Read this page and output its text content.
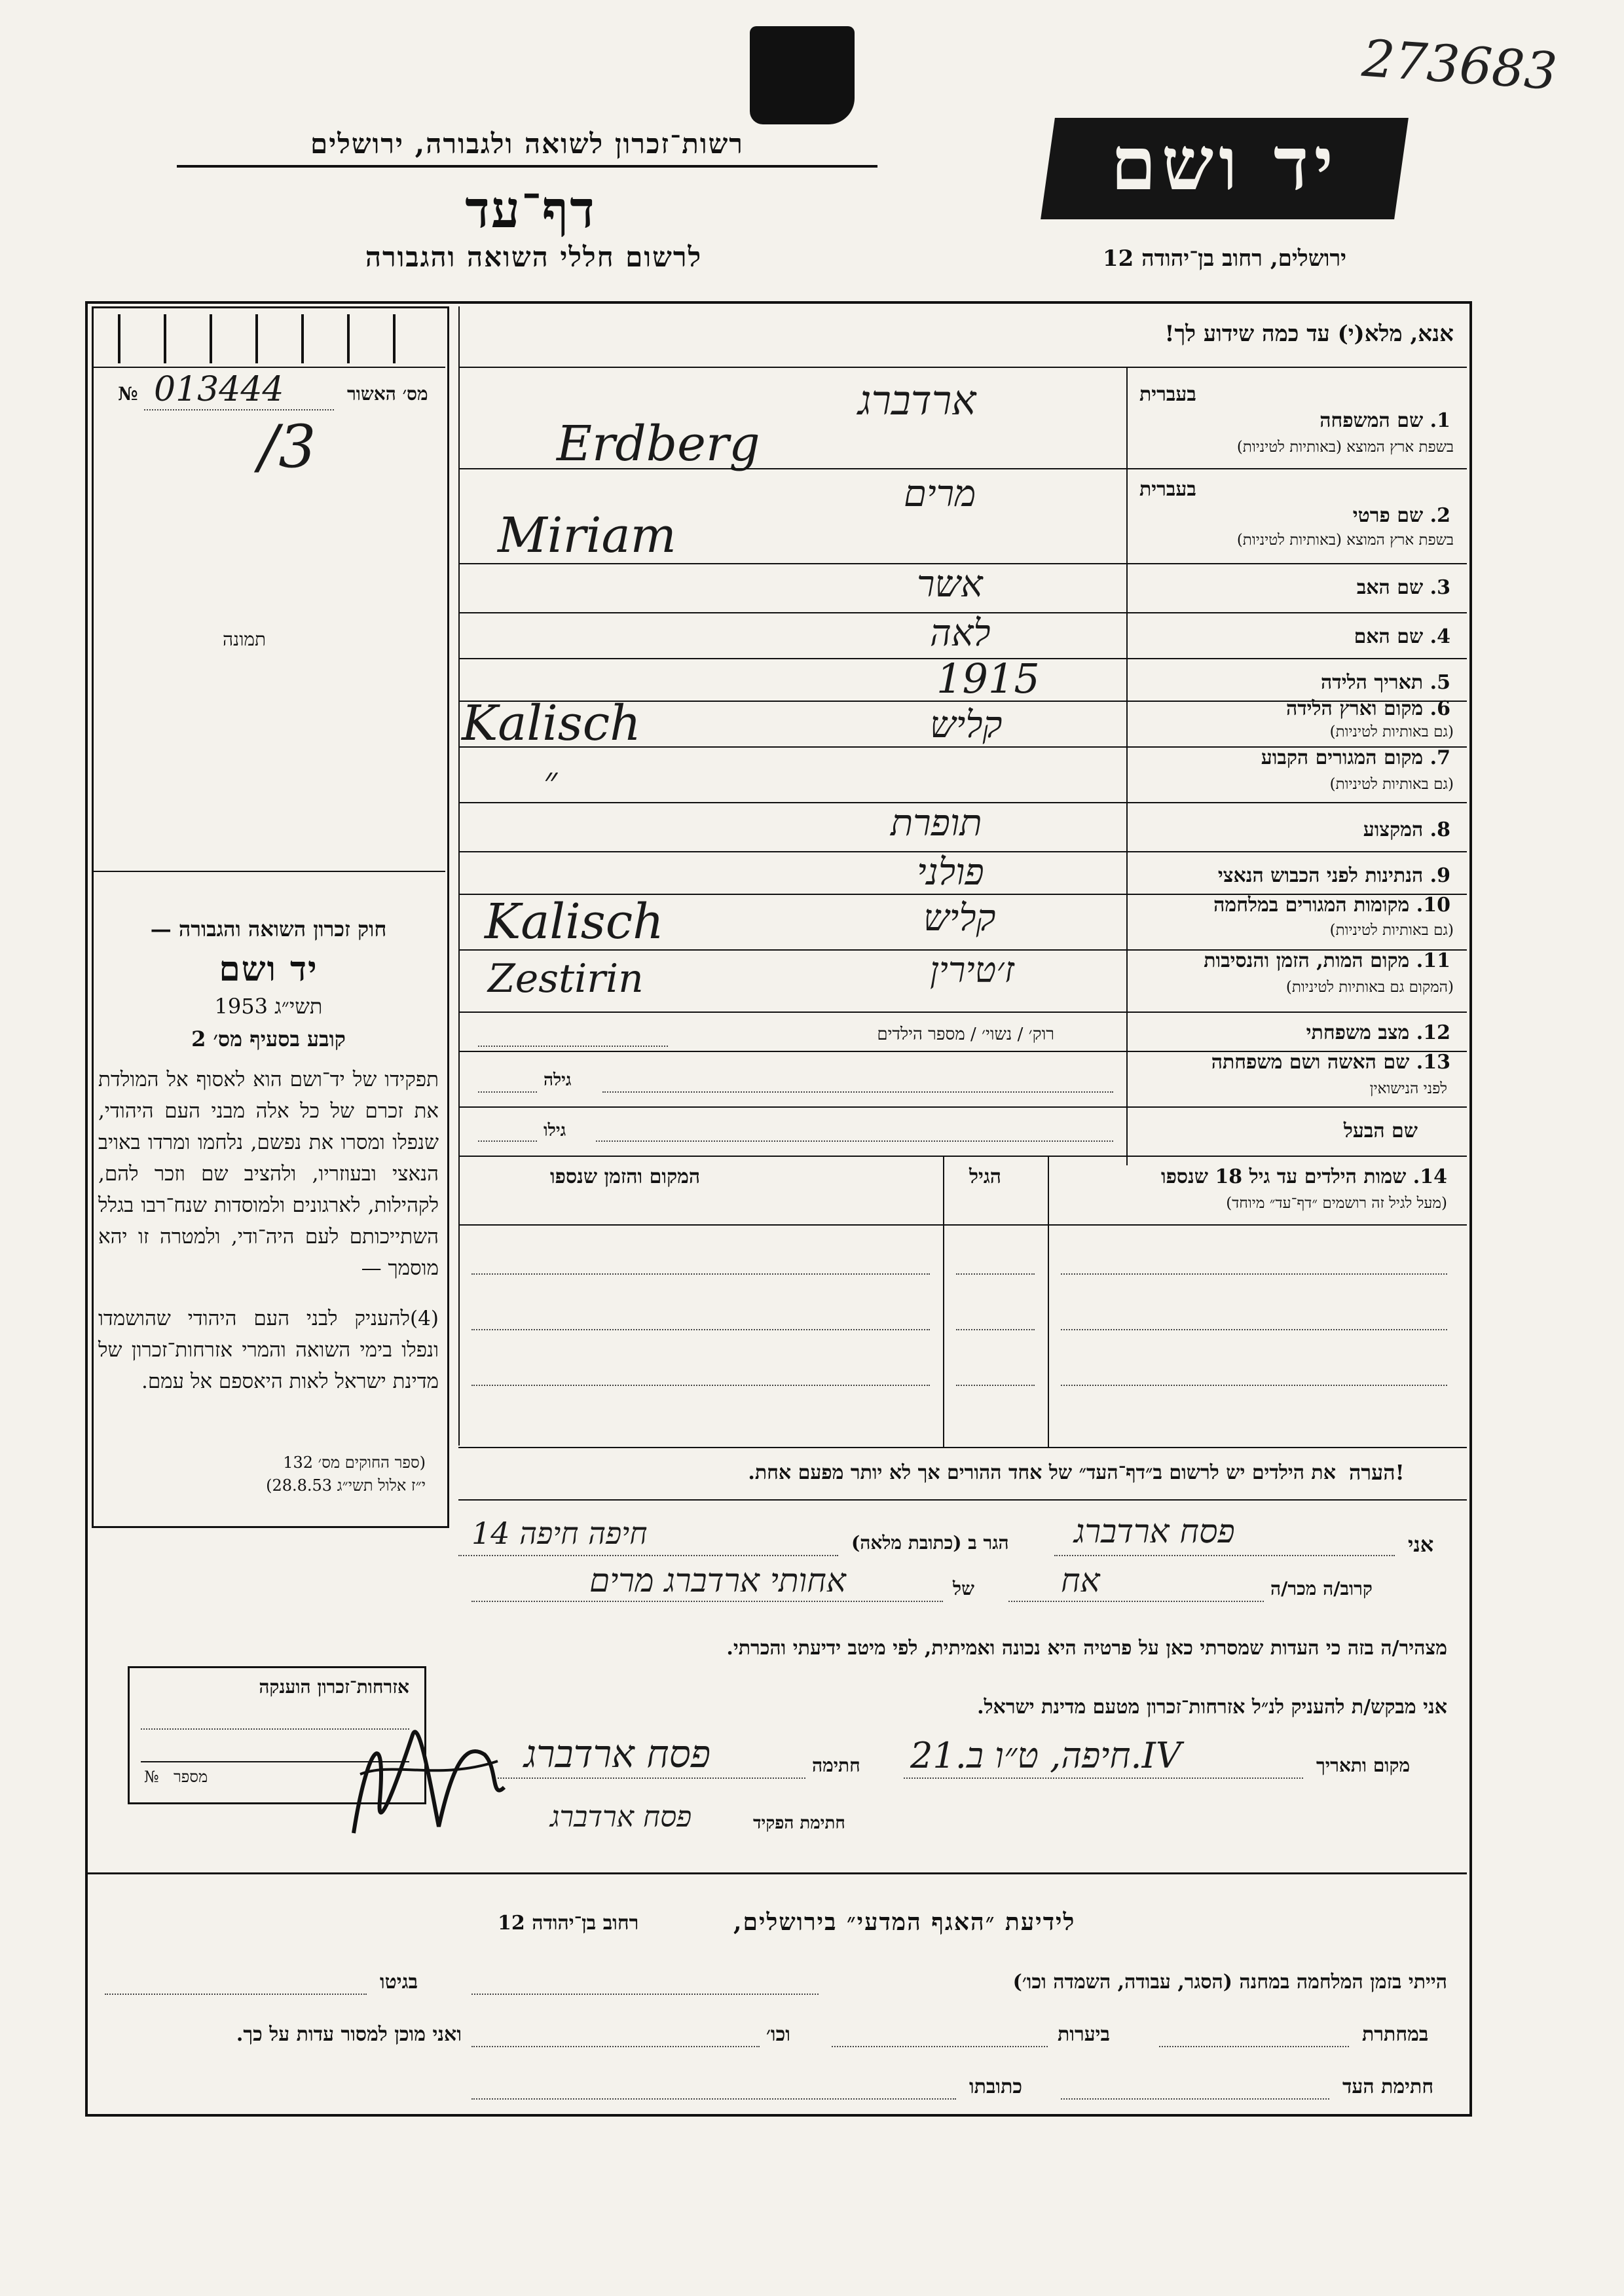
273683
רשות־זכרון לשואה ולגבורה, ירושלים
דף־עד
לרשום חללי השואה והגבורה
יד ושם
ירושלים, רחוב בן־יהודה 12
מס׳ האשור
№ 013444
/3
תמונה
חוק זכרון השואה והגבורה —
יד ושם
תשי״ג 1953
קובע בסעיף מס׳ 2
תפקידו של יד־ושם הוא לאסוף אל המולדת את זכרם של כל אלה מבני העם היהודי, שנפלו ומסרו את נפשם, נלחמו ומרדו באויב הנאצי ובעוזריו, ולהציב שם וזכר להם, לקהילות, לארגונים ולמוסדות שנח־רבו בגלל השתייכותם לעם היה־ודי, ולמטרה זו יהא מוסמך —
(4)להעניק לבני העם היהודי שהושמדו ונפלו בימי השואה והמרי אזרחות־זכרון של מדינת ישראל לאות היאספם אל עמם.
(ספר החוקים מס׳ 132
י״ז אלול תשי״ג 28.8.53)
אנא, מלא(י) עד כמה שידוע לך!
בעברית
1. שם המשפחה
בשפת ארץ המוצא (באותיות לטיניות)
ארדברג
Erdberg
בעברית
2. שם פרטי
בשפת ארץ המוצא (באותיות לטיניות)
מרים
Miriam
3. שם האב
אשר
4. שם האם
לאה
5. תאריך הלידה
1915
6. מקום וארץ הלידה
(גם באותיות לטיניות)
קליש
Kalisch
7. מקום המגורים הקבוע
(גם באותיות לטיניות)
״
8. המקצוע
תופרת
9. הנתינות לפני הכבוש הנאצי
פולני
10. מקומות המגורים במלחמה
(גם באותיות לטיניות)
קליש
Kalisch
11. מקום המות, הזמן והנסיבות
(המקום גם באותיות לטיניות)
ז׳טירין
Zestirin
12. מצב משפחתי
רוק׳ / נשוי׳ / מספר הילדים
13. שם האשה ושם משפחתה
לפני הנישואין
גילה
שם הבעל
גילו
14. שמות הילדים עד גיל 18 שנספו
(מעל לגיל זה רושמים ״דף־עד״ מיוחד)
הגיל
המקום והזמן שנספו
הערה!
את הילדים יש לרשום ב״דף־העד״ של אחד ההורים אך לא יותר מפעם אחת.
אני
פסח ארדברג
הגר ב (כתובת מלאה)
חיפה חיפה 14
קרוב/ה מכר/ה
אח
של
אחותי ארדברג מרים
מצהיר/ה בזה כי העדות שמסרתי כאן על פרטיה היא נכונה ואמיתית, לפי מיטב ידיעתי והכרתי.
אני מבקש/ת להעניק לנ״ל אזרחות־זכרון מטעם מדינת ישראל.
מקום ותאריך
חיפה, ט״ו ב.21.IV
חתימה
פסח ארדברג
חתימת הפקיד
פסח ארדברג
אזרחות־זכרון הוענקה
מספר
№
לידיעת ״האגף המדעי״ בירושלים,
רחוב בן־יהודה 12
הייתי בזמן המלחמה במחנה (הסגר, עבודה, השמדה וכו׳)
בגיטו
במחתרת
ביערות
וכו׳
ואני מוכן למסור עדות על כך.
חתימת העד
כתובתו
